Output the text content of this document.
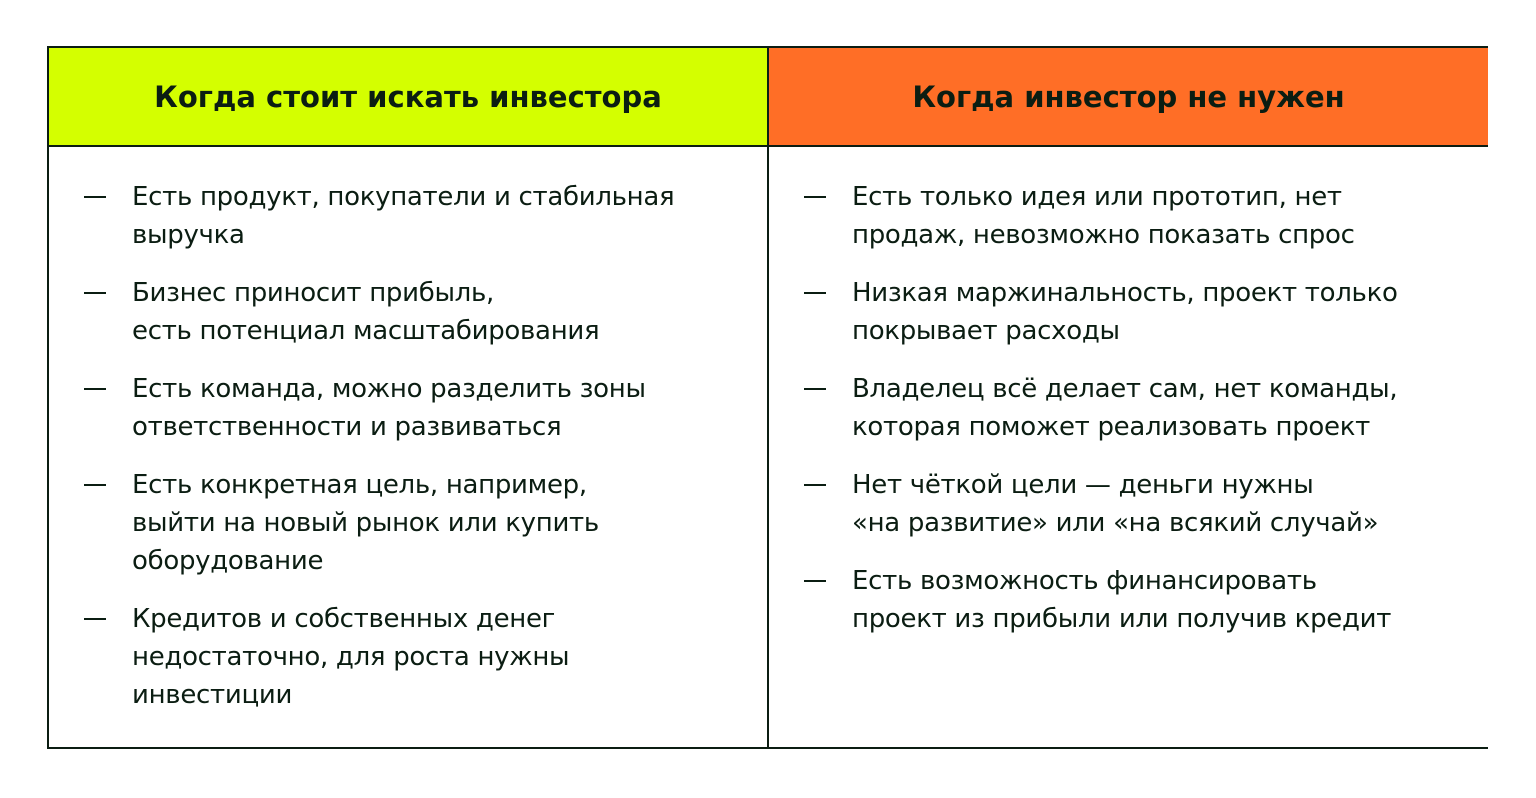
Когда стоит искать инвестора	Когда инвестор не нужен
Есть продукт, покупатели и стабильная
выручка
Бизнес приносит прибыль,
есть потенциал масштабирования
Есть команда, можно разделить зоны
ответственности и развиваться
Есть конкретная цель, например,
выйти на новый рынок или купить
оборудование
Кредитов и собственных денег
недостаточно, для роста нужны
инвестиции
Есть только идея или прототип, нет
продаж, невозможно показать спрос
Низкая маржинальность, проект только
покрывает расходы
Владелец всё делает сам, нет команды,
которая поможет реализовать проект
Нет чёткой цели — деньги нужны
«на развитие» или «на всякий случай»
Есть возможность финансировать
проект из прибыли или получив кредит
